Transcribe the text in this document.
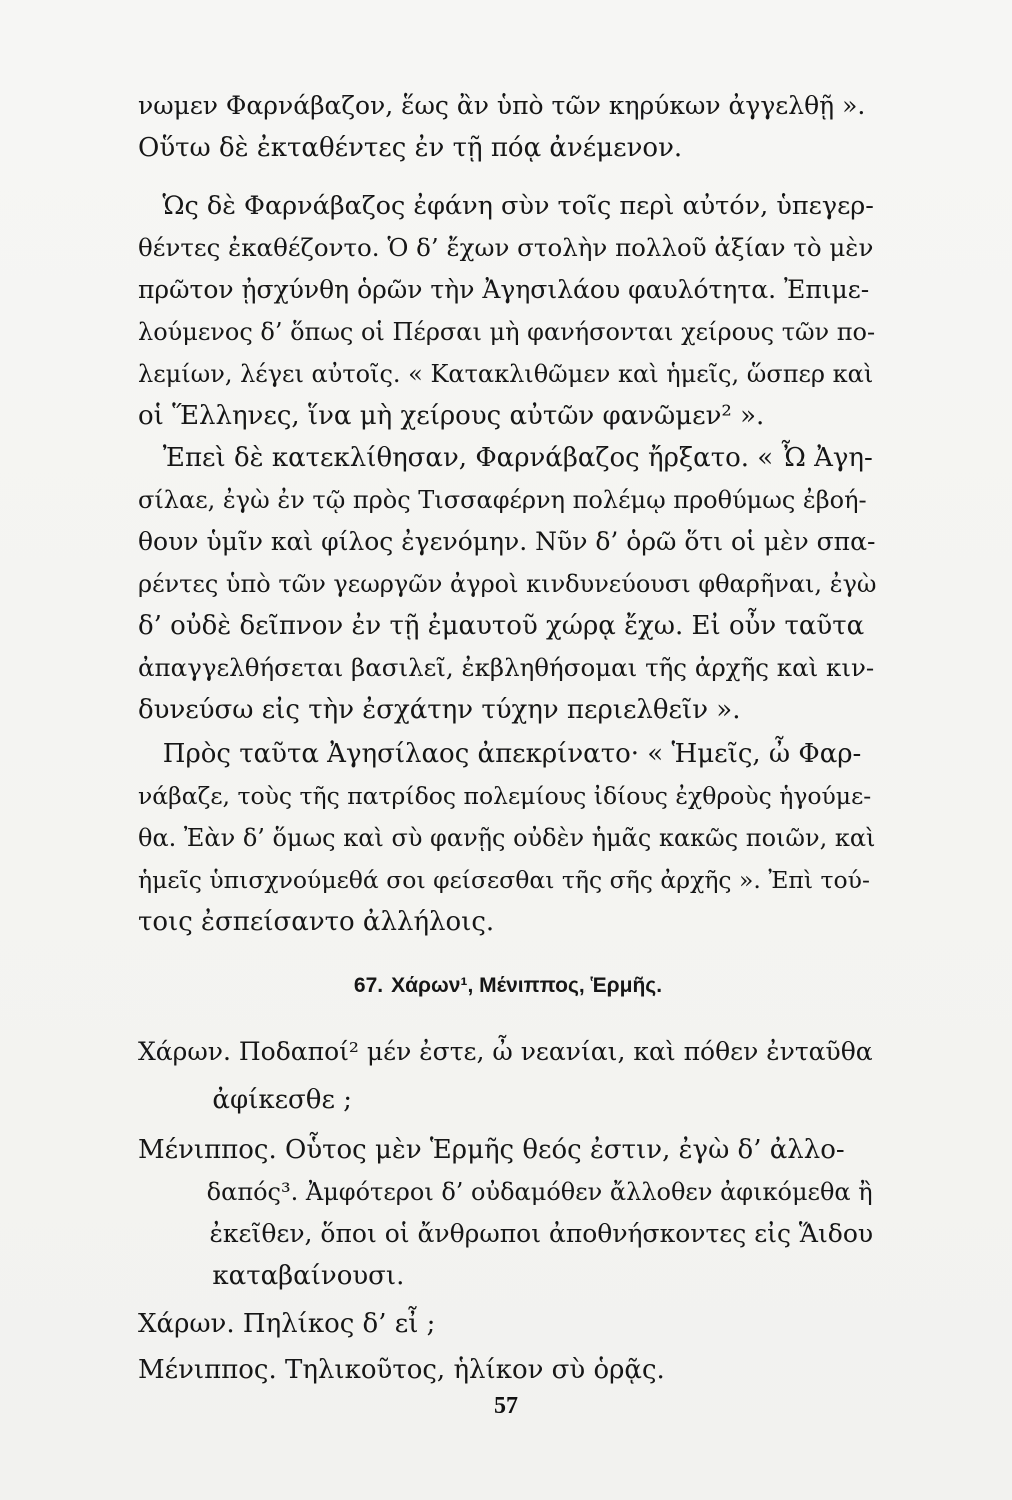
νωμεν Φαρνάβαζον, ἕως ἂν ὑπὸ τῶν κηρύκων ἀγγελθῇ ».
Οὕτω δὲ ἐκταθέντες ἐν τῇ πόᾳ ἀνέμενον.
Ὡς δὲ Φαρνάβαζος ἐφάνη σὺν τοῖς περὶ αὐτόν, ὑπεγερ-
θέντες ἐκαθέζοντο. Ὁ δ’ ἔχων στολὴν πολλοῦ ἀξίαν τὸ μὲν
πρῶτον ᾐσχύνθη ὁρῶν τὴν Ἀγησιλάου φαυλότητα. Ἐπιμε-
λούμενος δ’ ὅπως οἱ Πέρσαι μὴ φανήσονται χείρους τῶν πο-
λεμίων, λέγει αὐτοῖς. « Κατακλιθῶμεν καὶ ἡμεῖς, ὥσπερ καὶ
οἱ Ἕλληνες, ἵνα μὴ χείρους αὐτῶν φανῶμεν² ».
Ἐπεὶ δὲ κατεκλίθησαν, Φαρνάβαζος ἤρξατο. « Ὦ Ἀγη-
σίλαε, ἐγὼ ἐν τῷ πρὸς Τισσαφέρνη πολέμῳ προθύμως ἐβοή-
θουν ὑμῖν καὶ φίλος ἐγενόμην. Νῦν δ’ ὁρῶ ὅτι οἱ μὲν σπα-
ρέντες ὑπὸ τῶν γεωργῶν ἀγροὶ κινδυνεύουσι φθαρῆναι, ἐγὼ
δ’ οὐδὲ δεῖπνον ἐν τῇ ἐμαυτοῦ χώρᾳ ἔχω. Εἰ οὖν ταῦτα
ἀπαγγελθήσεται βασιλεῖ, ἐκβληθήσομαι τῆς ἀρχῆς καὶ κιν-
δυνεύσω εἰς τὴν ἐσχάτην τύχην περιελθεῖν ».
Πρὸς ταῦτα Ἀγησίλαος ἀπεκρίνατο· « Ἡμεῖς, ὦ Φαρ-
νάβαζε, τοὺς τῆς πατρίδος πολεμίους ἰδίους ἐχθροὺς ἡγούμε-
θα. Ἐὰν δ’ ὅμως καὶ σὺ φανῇς οὐδὲν ἡμᾶς κακῶς ποιῶν, καὶ
ἡμεῖς ὑπισχνούμεθά σοι φείσεσθαι τῆς σῆς ἀρχῆς ». Ἐπὶ τού-
τοις ἐσπείσαντο ἀλλήλοις.
67. Χάρων¹, Μένιππος, Ἑρμῆς.
Χάρων. Ποδαποί² μέν ἐστε, ὦ νεανίαι, καὶ πόθεν ἐνταῦθα
ἀφίκεσθε ;
Μένιππος. Οὗτος μὲν Ἑρμῆς θεός ἐστιν, ἐγὼ δ’ ἀλλο-
δαπός³. Ἀμφότεροι δ’ οὐδαμόθεν ἄλλοθεν ἀφικόμεθα ἢ
ἐκεῖθεν, ὅποι οἱ ἄνθρωποι ἀποθνήσκοντες εἰς Ἅιδου
καταβαίνουσι.
Χάρων. Πηλίκος δ’ εἶ ;
Μένιππος. Τηλικοῦτος, ἡλίκον σὺ ὁρᾷς.
57
